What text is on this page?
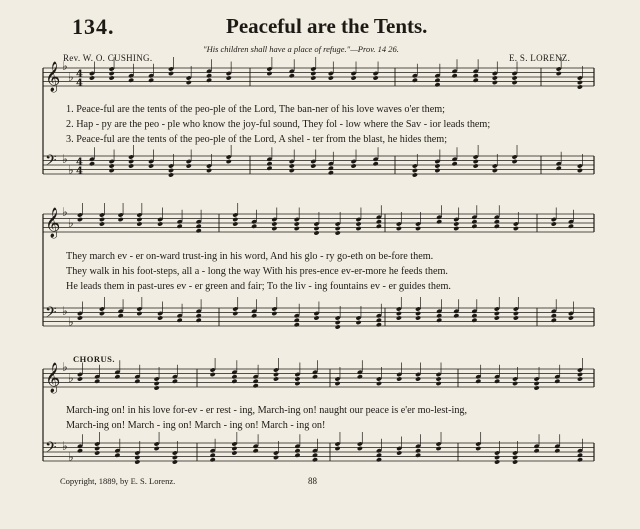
134.	Peaceful are the Tents.
"His children shall have a place of refuge."—Prov. 14 26.
Rev. W. O. CUSHING.	E. S. LORENZ.
𝄞 ♭
♭ 4
4
𝄢 ♭
♭
4
4
𝄞 ♭
♭
𝄢 ♭
♭
𝄞 ♭
♭
𝄢 ♭
♭
1. Peace-ful are the tents of the peo-ple of the Lord, The ban-ner of his love waves o'er them;
2. Hap - py are the peo - ple who know the joy-ful sound, They fol - low where the Sav - ior leads them;
3. Peace-ful are the tents of the peo-ple of the Lord, A shel - ter from the blast, he hides them;
They march ev - er on-ward trust-ing in his word, And his glo - ry go-eth on be-fore them.
They walk in his foot-steps, all a - long the way With his pres-ence ev-er-more he feeds them.
He leads them in past-ures ev - er green and fair; To the liv - ing fountains ev - er guides them.
CHORUS.
March-ing on! in his love for-ev - er rest - ing, March-ing on! naught our peace is e'er mo-lest-ing,
March-ing on! March - ing on! March - ing on! March - ing on!
Copyright, 1889, by E. S. Lorenz.	88
